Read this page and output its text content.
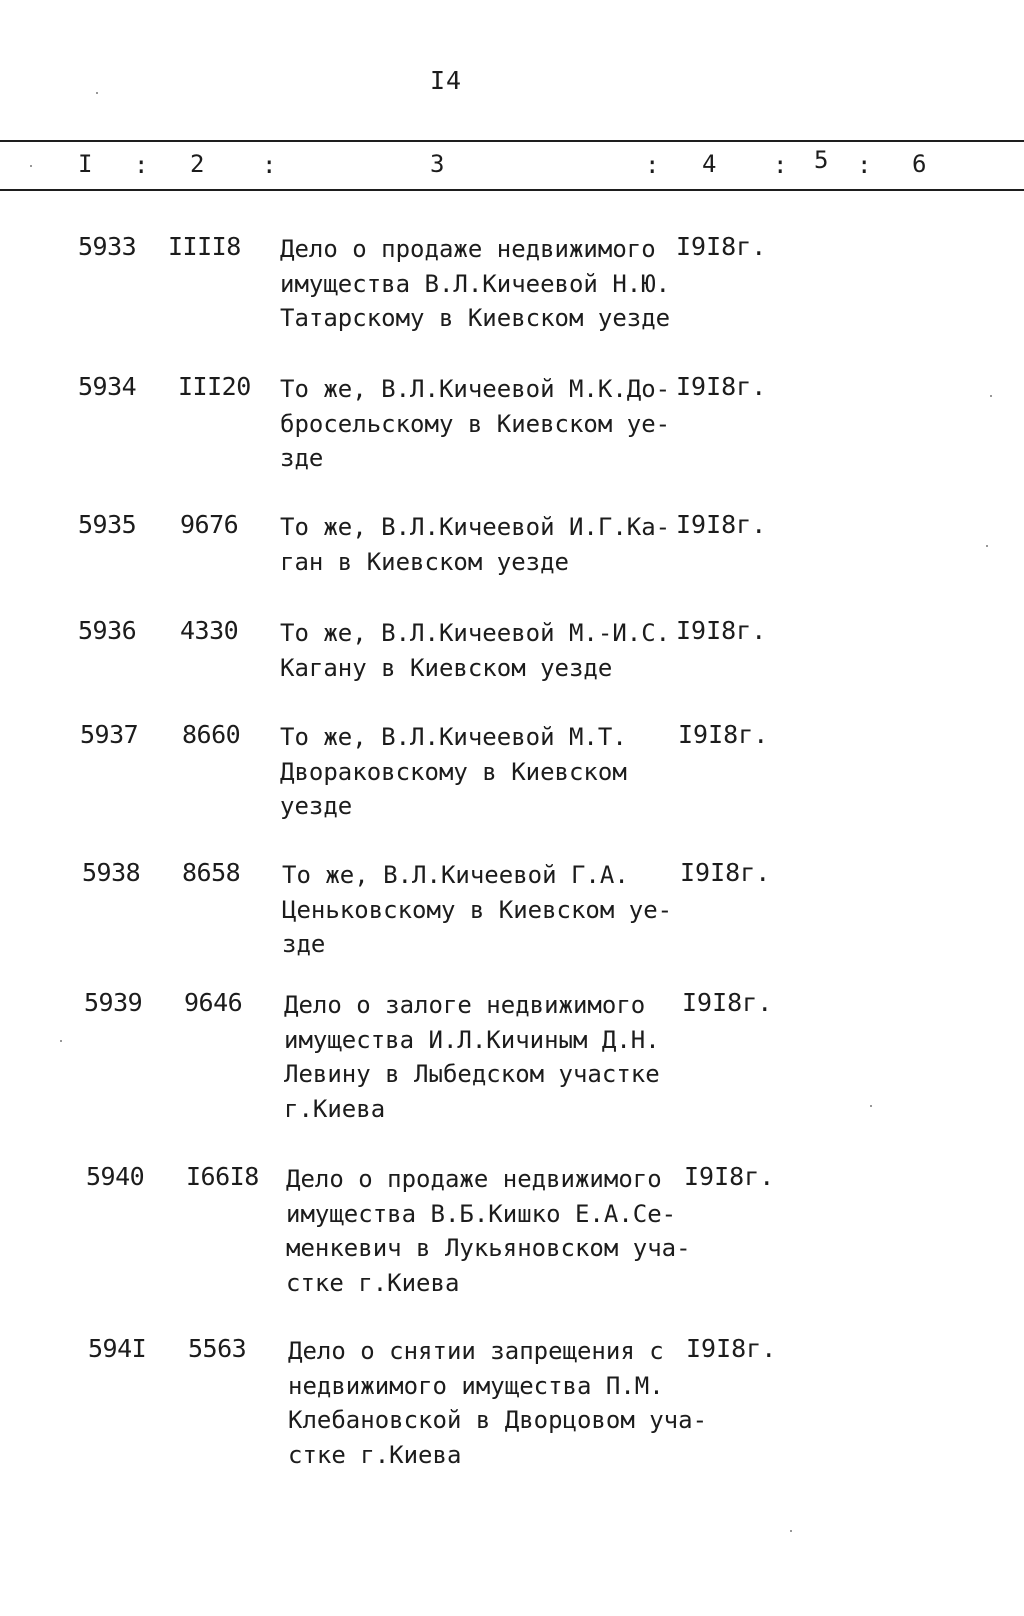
I4
I : 2 :	3	: 4 : 5 : 6
5933 IIII8 Дело о продаже недвижимого
имущества В.Л.Кичеевой Н.Ю.
Татарскому в Киевском уезде
I9I8г.
5934 III20 То же, В.Л.Кичеевой М.К.До-
бросельскому в Киевском уе-
зде
I9I8г.
5935 9676 То же, В.Л.Кичеевой И.Г.Ка-
ган в Киевском уезде
I9I8г.
5936 4330 То же, В.Л.Кичеевой М.-И.С.
Кагану в Киевском уезде
I9I8г.
5937 8660 То же, В.Л.Кичеевой М.Т.
Двораковскому в Киевском
уезде
I9I8г.
5938 8658 То же, В.Л.Кичеевой Г.А.
Ценьковскому в Киевском уе-
зде
I9I8г.
5939 9646 Дело о залоге недвижимого
имущества И.Л.Кичиным Д.Н.
Левину в Лыбедском участке
г.Киева
I9I8г.
5940 I66I8 Дело о продаже недвижимого
имущества В.Б.Кишко Е.А.Се-
менкевич в Лукьяновском уча-
стке г.Киева
I9I8г.
594I 5563 Дело о снятии запрещения с
недвижимого имущества П.М.
Клебановской в Дворцовом уча-
стке г.Киева
I9I8г.
